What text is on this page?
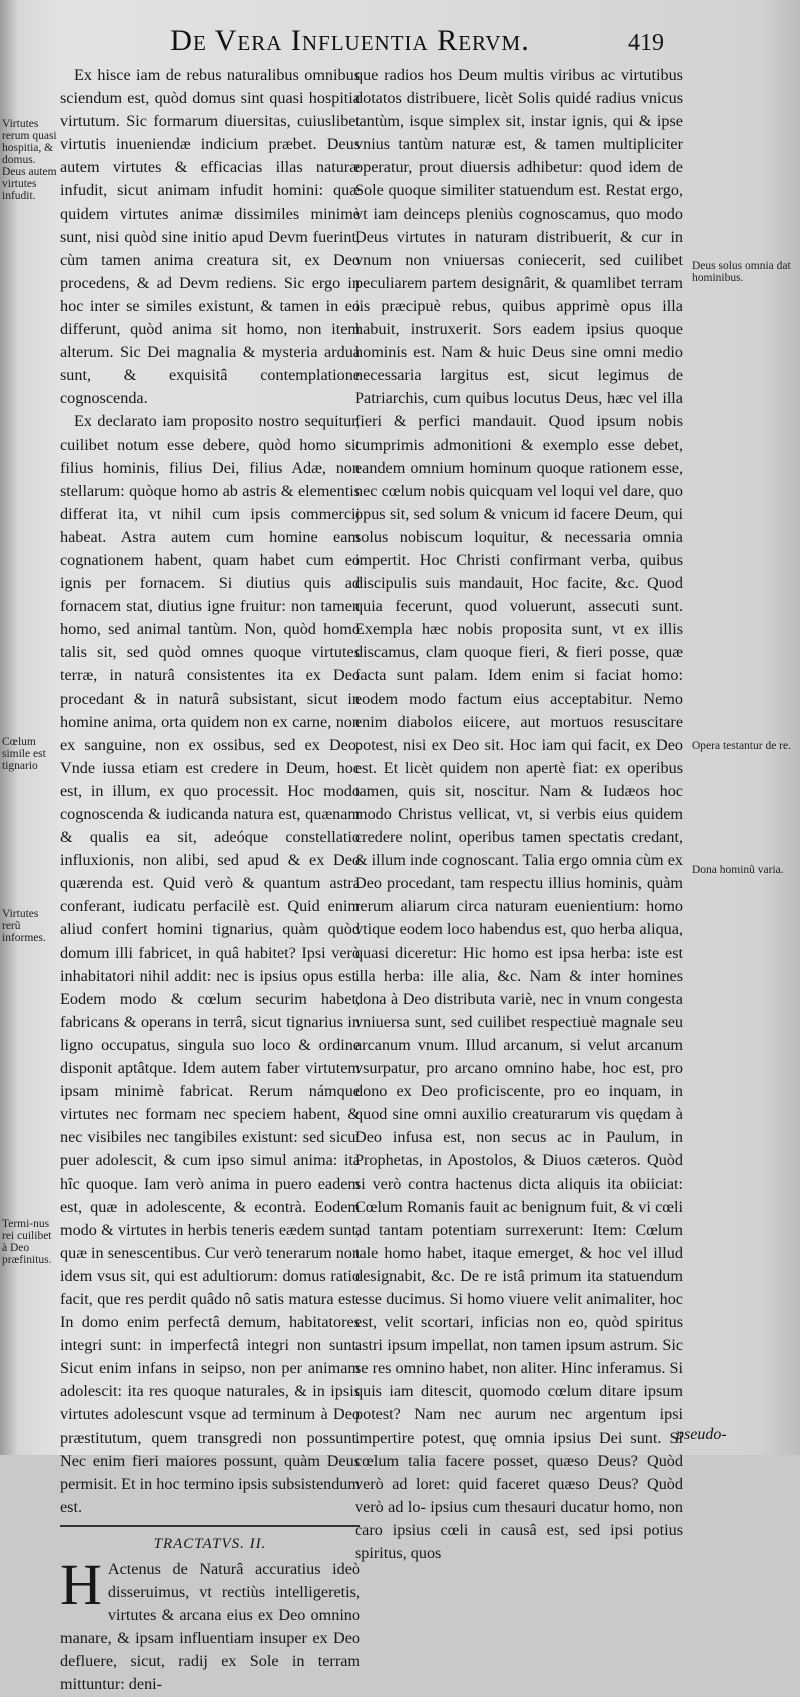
De Vera Influentia Rervm.	419
Virtutes rerum quasi hospitia, & domus.
Deus autem virtutes infudit.
Cœlum simile est tignario
Virtutes rerũ informes.
Termi-nus rei cuilibet à Deo præfinitus.
Deus solus omnia dat hominibus.
Opera testantur de re.
Dona hominũ varia.

Ex hisce iam de rebus naturalibus omnibus sciendum est, quòd domus sint quasi hospitia virtutum. Sic formarum diuersitas, cuiuslibet virtutis inueniendæ indicium præbet. Deus autem virtutes & efficacias illas naturæ infudit, sicut animam infudit homini: quæ quidem virtutes animæ dissimiles minimè sunt, nisi quòd sine initio apud Devm fuerint, cùm tamen anima creatura sit, ex Deo procedens, & ad Devm rediens. Sic ergo in hoc inter se similes existunt, & tamen in eo differunt, quòd anima sit homo, non item alterum. Sic Dei magnalia & mysteria ardua sunt, & exquisitâ contemplatione cognoscenda.

Ex declarato iam proposito nostro sequitur, cuilibet notum esse debere, quòd homo sit filius hominis, filius Dei, filius Adæ, non stellarum: quòque homo ab astris & elementis differat ita, vt nihil cum ipsis commercij habeat. Astra autem cum homine eam cognationem habent, quam habet cum eo ignis per fornacem. Si diutius quis ad fornacem stat, diutius igne fruitur: non tamen homo, sed animal tantùm. Non, quòd homo talis sit, sed quòd omnes quoque virtutes terræ, in naturâ consistentes ita ex Deo procedant & in naturâ subsistant, sicut in homine anima, orta quidem non ex carne, non ex sanguine, non ex ossibus, sed ex Deo. Vnde iussa etiam est credere in Deum, hoc est, in illum, ex quo processit. Hoc modo cognoscenda & iudicanda natura est, quænam & qualis ea sit, adeóque constellatio influxionis, non alibi, sed apud & ex Deo quærenda est. Quid verò & quantum astra conferant, iudicatu perfacilè est. Quid enim aliud confert homini tignarius, quàm quòd domum illi fabricet, in quâ habitet? Ipsi verò inhabitatori nihil addit: nec is ipsius opus est. Eodem modo & cœlum securim habet, fabricans & operans in terrâ, sicut tignarius in ligno occupatus, singula suo loco & ordine disponit aptâtque. Idem autem faber virtutem ipsam minimè fabricat. Rerum námque virtutes nec formam nec speciem habent, & nec visibiles nec tangibiles existunt: sed sicut puer adolescit, & cum ipso simul anima: ita hîc quoque. Iam verò anima in puero eadem est, quæ in adolescente, & econtrà. Eodem modo & virtutes in herbis teneris eædem sunt, quæ in senescentibus. Cur verò tenerarum non idem vsus sit, qui est adultiorum: domus ratio facit, que res perdit quâdo nô satis matura est. In domo enim perfectâ demum, habitatores integri sunt: in imperfectâ integri non sunt. Sicut enim infans in seipso, non per animam adolescit: ita res quoque naturales, & in ipsis virtutes adolescunt vsque ad terminum à Deo præstitutum, quem transgredi non possunt. Nec enim fieri maiores possunt, quàm Deus permisit. Et in hoc termino ipsis subsistendum est.

TRACTATVS. II.

H Actenus de Naturâ accuratius ideò disseruimus, vt rectiùs intelligeretis, virtutes & arcana eius ex Deo omnino manare, & ipsam influentiam insuper ex Deo defluere, sicut, radij ex Sole in terram mittuntur: deni-

que radios hos Deum multis viribus ac virtutibus dotatos distribuere, licèt Solis quidé radius vnicus tantùm, isque simplex sit, instar ignis, qui & ipse vnius tantùm naturæ est, & tamen multipliciter operatur, prout diuersis adhibetur: quod idem de Sole quoque similiter statuendum est. Restat ergo, vt iam deinceps pleniùs cognoscamus, quo modo Deus virtutes in naturam distribuerit, & cur in vnum non vniuersas coniecerit, sed cuilibet peculiarem partem designârit, & quamlibet terram iis præcipuè rebus, quibus apprimè opus illa habuit, instruxerit. Sors eadem ipsius quoque hominis est. Nam & huic Deus sine omni medio necessaria largitus est, sicut legimus de Patriarchis, cum quibus locutus Deus, hæc vel illa fieri & perfici mandauit. Quod ipsum nobis cumprimis admonitioni & exemplo esse debet, eandem omnium hominum quoque rationem esse, nec cœlum nobis quicquam vel loqui vel dare, quo opus sit, sed solum & vnicum id facere Deum, qui solus nobiscum loquitur, & necessaria omnia impertit. Hoc Christi confirmant verba, quibus discipulis suis mandauit, Hoc facite, &c. Quod quia fecerunt, quod voluerunt, assecuti sunt. Exempla hæc nobis proposita sunt, vt ex illis discamus, clam quoque fieri, & fieri posse, quæ facta sunt palam. Idem enim si faciat homo: eodem modo factum eius acceptabitur. Nemo enim diabolos eiicere, aut mortuos resuscitare potest, nisi ex Deo sit. Hoc iam qui facit, ex Deo est. Et licèt quidem non apertè fiat: ex operibus tamen, quis sit, noscitur. Nam & Iudæos hoc modo Christus vellicat, vt, si verbis eius quidem credere nolint, operibus tamen spectatis credant, & illum inde cognoscant. Talia ergo omnia cùm ex Deo procedant, tam respectu illius hominis, quàm rerum aliarum circa naturam euenientium: homo vtique eodem loco habendus est, quo herba aliqua, quasi diceretur: Hic homo est ipsa herba: iste est illa herba: ille alia, &c. Nam & inter homines dona à Deo distributa variè, nec in vnum congesta vniuersa sunt, sed cuilibet respectiuè magnale seu arcanum vnum. Illud arcanum, si velut arcanum vsurpatur, pro arcano omnino habe, hoc est, pro dono ex Deo proficiscente, pro eo inquam, in quod sine omni auxilio creaturarum vis quędam à Deo infusa est, non secus ac in Paulum, in Prophetas, in Apostolos, & Diuos cæteros. Quòd si verò contra hactenus dicta aliquis ita obiiciat: Cœlum Romanis fauit ac benignum fuit, & vi cœli ad tantam potentiam surrexerunt: Item: Cœlum tale homo habet, itaque emerget, & hoc vel illud designabit, &c. De re istâ primum ita statuendum esse ducimus. Si homo viuere velit animaliter, hoc est, velit scortari, inficias non eo, quòd spiritus astri ipsum impellat, non tamen ipsum astrum. Sic se res omnino habet, non aliter. Hinc inferamus. Si quis iam ditescit, quomodo cœlum ditare ipsum potest? Nam nec aurum nec argentum ipsi impertire potest, quę omnia ipsius Dei sunt. Si cœlum talia facere posset, quæso Deus? Quòd verò ad loret: quid faceret quæso Deus? Quòd verò ad lo- ipsius cum thesauri ducatur homo, non caro ipsius cœli in causâ est, sed ipsi potius spiritus, quos

pseudo-
